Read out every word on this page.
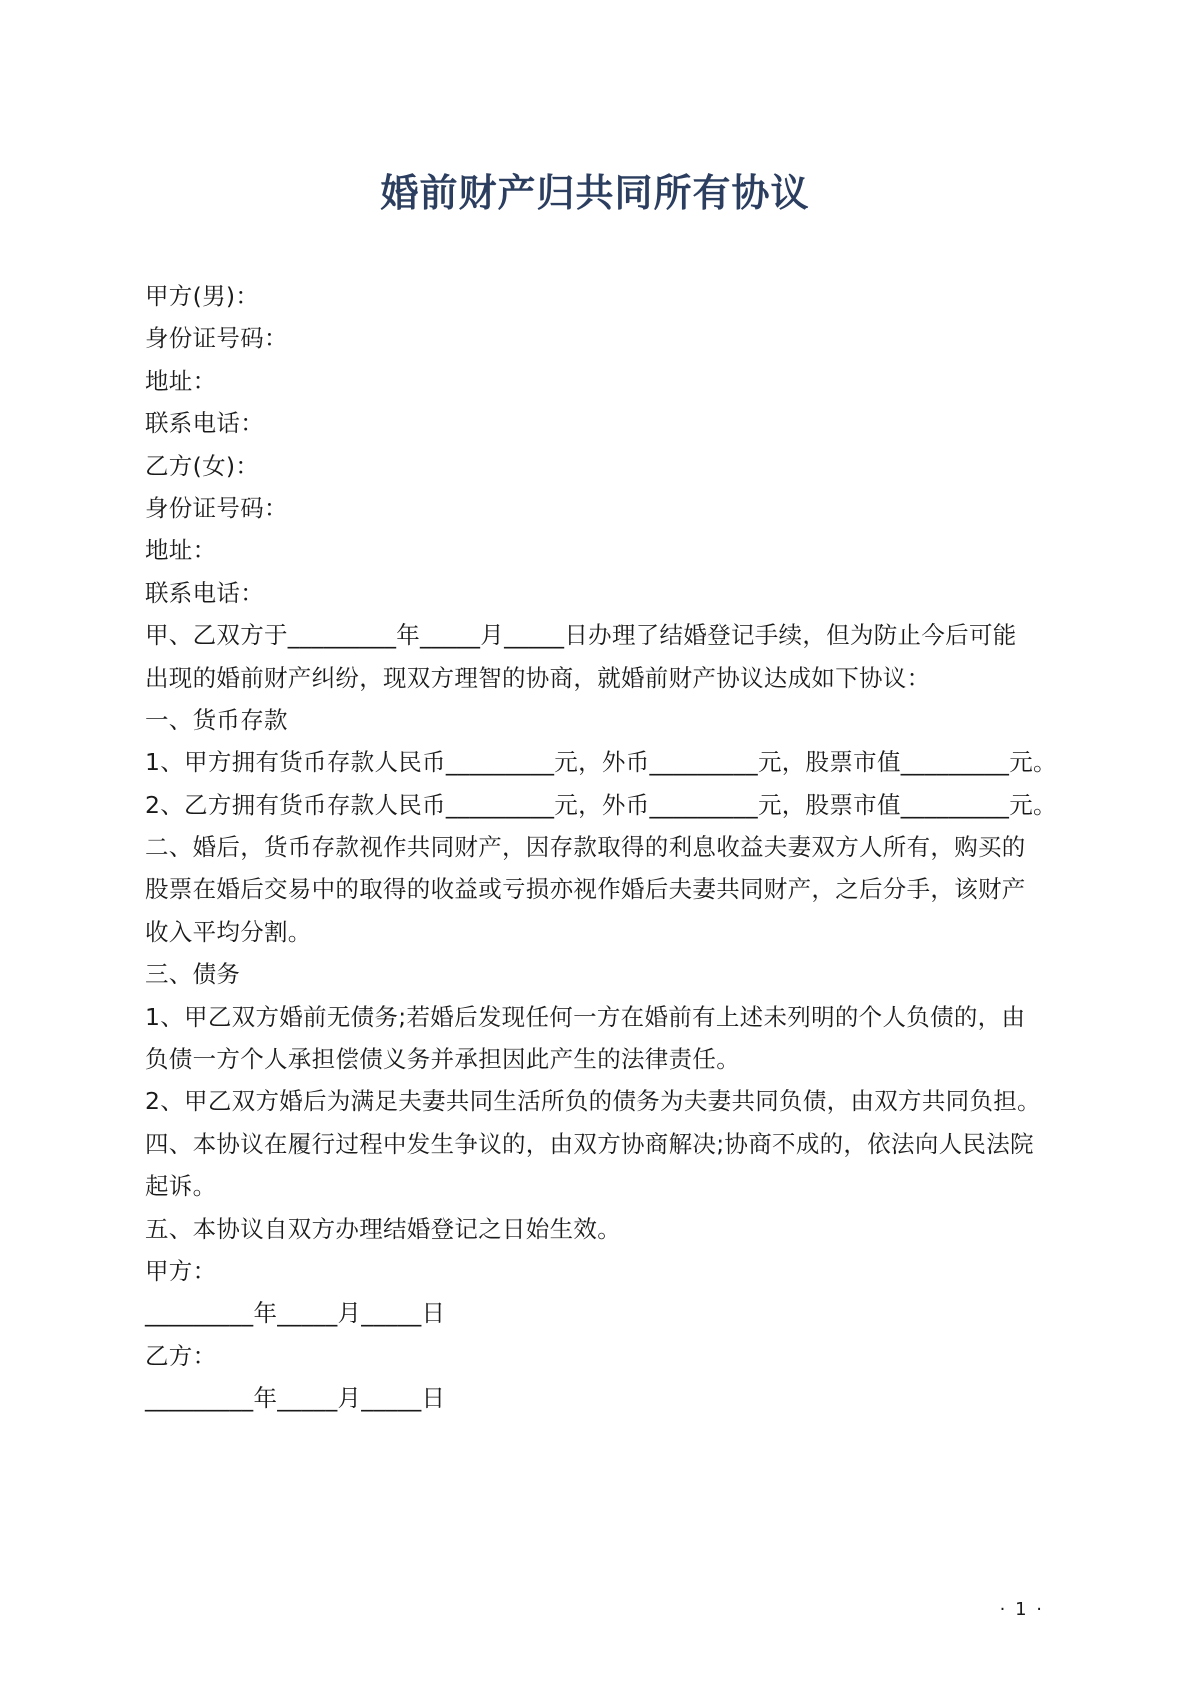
婚前财产归共同所有协议
甲方(男)：
身份证号码：
地址：
联系电话：
乙方(女)：
身份证号码：
地址：
联系电话：
甲、乙双方于_________年_____月_____日办理了结婚登记手续，但为防止今后可能
出现的婚前财产纠纷，现双方理智的协商，就婚前财产协议达成如下协议：
一、货币存款
1、甲方拥有货币存款人民币_________元，外币_________元，股票市值_________元。
2、乙方拥有货币存款人民币_________元，外币_________元，股票市值_________元。
二、婚后，货币存款视作共同财产，因存款取得的利息收益夫妻双方人所有，购买的
股票在婚后交易中的取得的收益或亏损亦视作婚后夫妻共同财产，之后分手，该财产
收入平均分割。
三、债务
1、甲乙双方婚前无债务;若婚后发现任何一方在婚前有上述未列明的个人负债的，由
负债一方个人承担偿债义务并承担因此产生的法律责任。
2、甲乙双方婚后为满足夫妻共同生活所负的债务为夫妻共同负债，由双方共同负担。
四、本协议在履行过程中发生争议的，由双方协商解决;协商不成的，依法向人民法院
起诉。
五、本协议自双方办理结婚登记之日始生效。
甲方：
_________年_____月_____日
乙方：
_________年_____月_____日
· 1 ·
